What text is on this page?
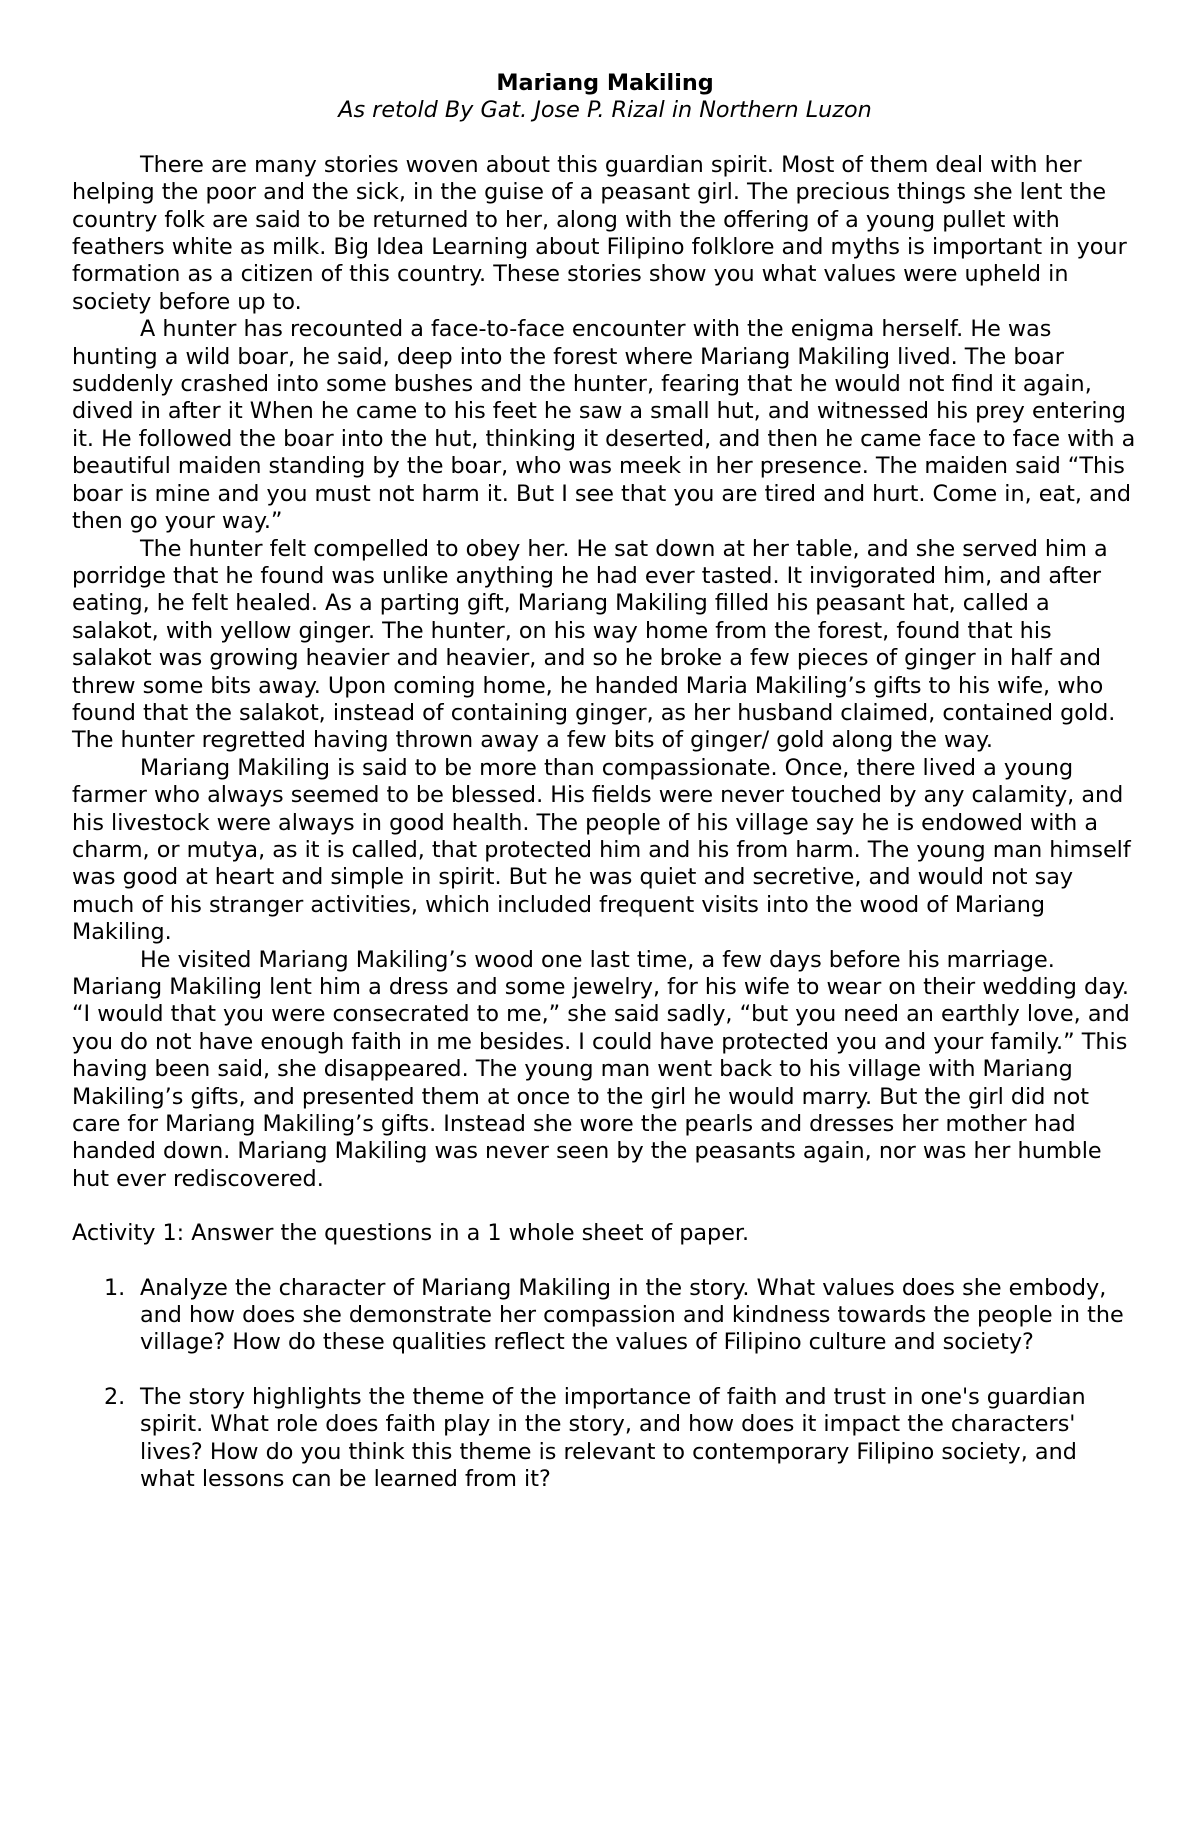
Mariang Makiling

As retold By Gat. Jose P. Rizal in Northern Luzon

There are many stories woven about this guardian spirit. Most of them deal with her helping the poor and the sick, in the guise of a peasant girl. The precious things she lent the country folk are said to be returned to her, along with the offering of a young pullet with feathers white as milk. Big Idea Learning about Filipino folklore and myths is important in your formation as a citizen of this country. These stories show you what values were upheld in society before up to.

A hunter has recounted a face-to-face encounter with the enigma herself. He was hunting a wild boar, he said, deep into the forest where Mariang Makiling lived. The boar suddenly crashed into some bushes and the hunter, fearing that he would not find it again, dived in after it When he came to his feet he saw a small hut, and witnessed his prey entering it. He followed the boar into the hut, thinking it deserted, and then he came face to face with a beautiful maiden standing by the boar, who was meek in her presence. The maiden said “This boar is mine and you must not harm it. But I see that you are tired and hurt. Come in, eat, and then go your way.”

The hunter felt compelled to obey her. He sat down at her table, and she served him a porridge that he found was unlike anything he had ever tasted. It invigorated him, and after eating, he felt healed. As a parting gift, Mariang Makiling filled his peasant hat, called a salakot, with yellow ginger. The hunter, on his way home from the forest, found that his salakot was growing heavier and heavier, and so he broke a few pieces of ginger in half and threw some bits away. Upon coming home, he handed Maria Makiling’s gifts to his wife, who found that the salakot, instead of containing ginger, as her husband claimed, contained gold. The hunter regretted having thrown away a few bits of ginger/ gold along the way.

Mariang Makiling is said to be more than compassionate. Once, there lived a young farmer who always seemed to be blessed. His fields were never touched by any calamity, and his livestock were always in good health. The people of his village say he is endowed with a charm, or mutya, as it is called, that protected him and his from harm. The young man himself was good at heart and simple in spirit. But he was quiet and secretive, and would not say much of his stranger activities, which included frequent visits into the wood of Mariang Makiling.

He visited Mariang Makiling’s wood one last time, a few days before his marriage. Mariang Makiling lent him a dress and some jewelry, for his wife to wear on their wedding day. “I would that you were consecrated to me,” she said sadly, “but you need an earthly love, and you do not have enough faith in me besides. I could have protected you and your family.” This having been said, she disappeared. The young man went back to his village with Mariang Makiling’s gifts, and presented them at once to the girl he would marry. But the girl did not care for Mariang Makiling’s gifts. Instead she wore the pearls and dresses her mother had handed down. Mariang Makiling was never seen by the peasants again, nor was her humble hut ever rediscovered.

Activity 1: Answer the questions in a 1 whole sheet of paper.

1. Analyze the character of Mariang Makiling in the story. What values does she embody, and how does she demonstrate her compassion and kindness towards the people in the village? How do these qualities reflect the values of Filipino culture and society?
2. The story highlights the theme of the importance of faith and trust in one's guardian spirit. What role does faith play in the story, and how does it impact the characters' lives? How do you think this theme is relevant to contemporary Filipino society, and what lessons can be learned from it?
